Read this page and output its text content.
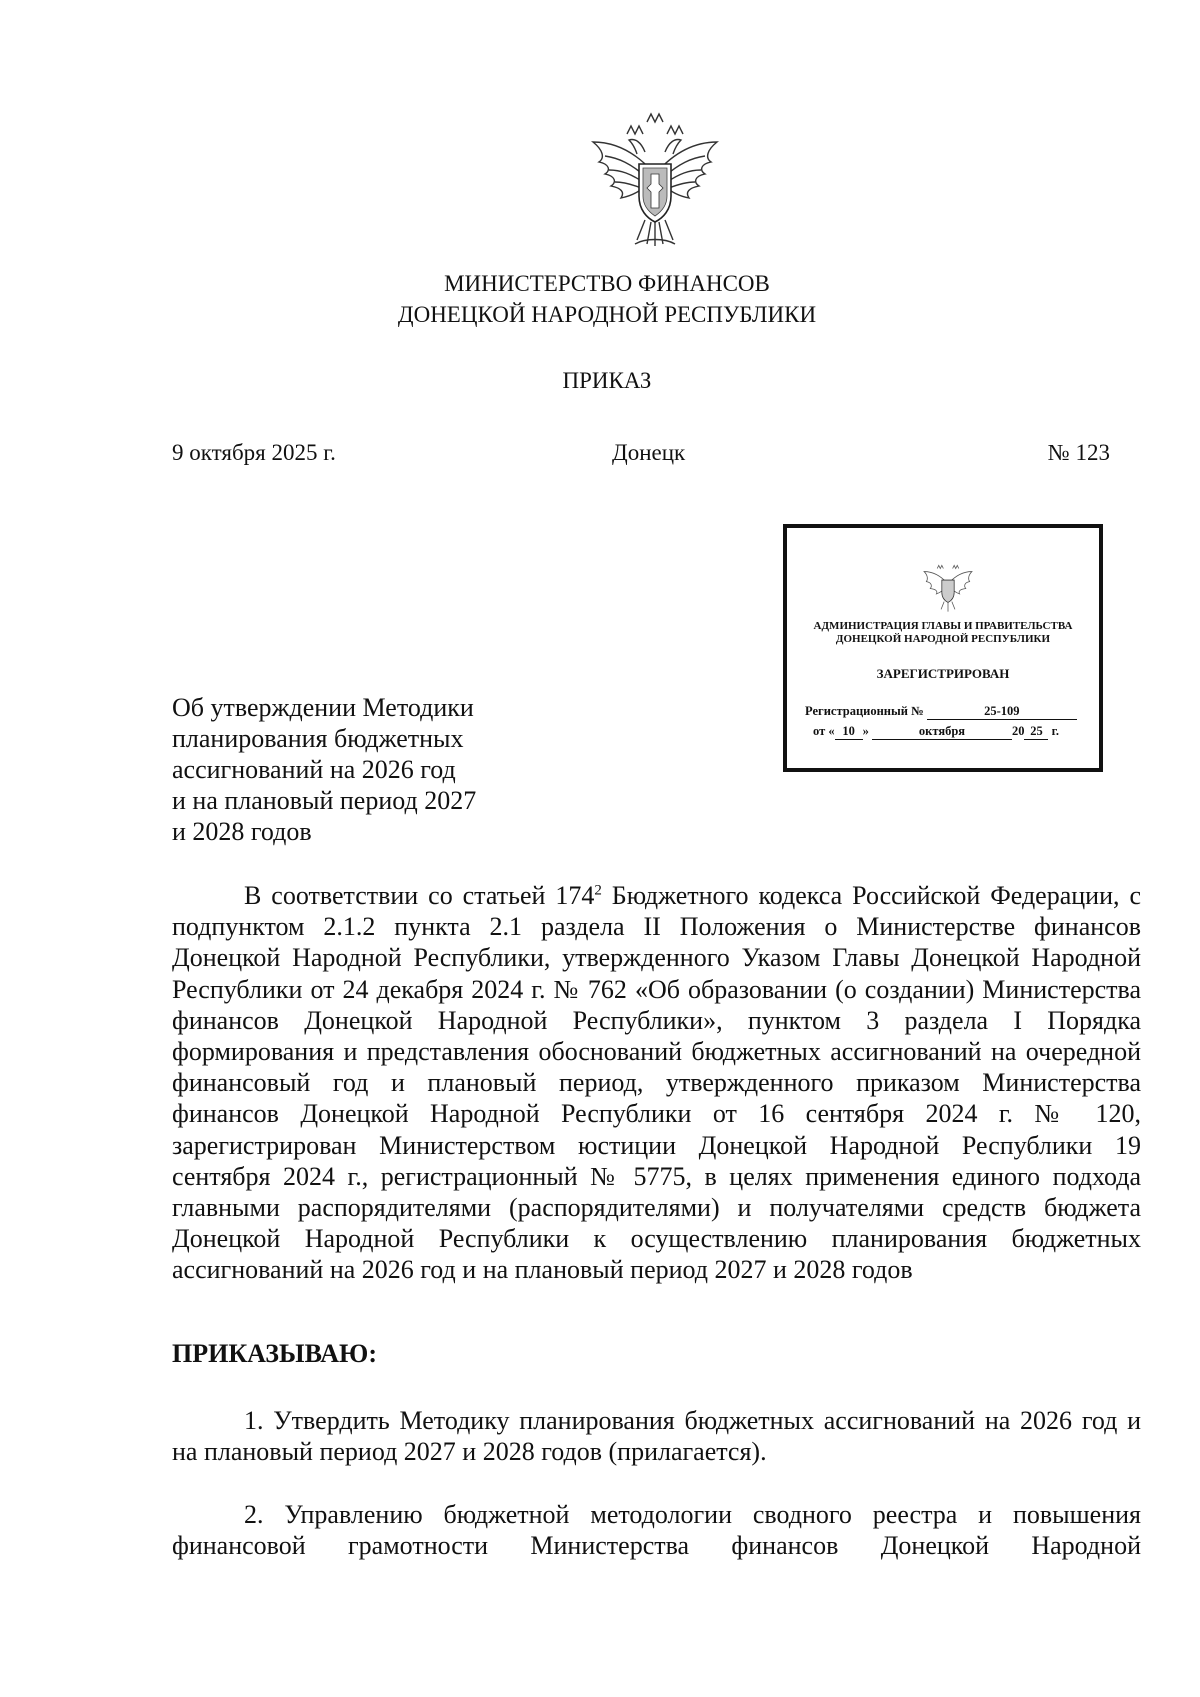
МИНИСТЕРСТВО ФИНАНСОВ
ДОНЕЦКОЙ НАРОДНОЙ РЕСПУБЛИКИ
ПРИКАЗ
9 октября 2025 г.	Донецк	№ 123
АДМИНИСТРАЦИЯ ГЛАВЫ И ПРАВИТЕЛЬСТВА
ДОНЕЦКОЙ НАРОДНОЙ РЕСПУБЛИКИ
ЗАРЕГИСТРИРОВАН
Регистрационный №	25-109
от « 10 »	октября	20 25 г.
Об утверждении Методики
планирования бюджетных
ассигнований на 2026 год
и на плановый период 2027
и 2028 годов
В соответствии со статьей $174^2$ Бюджетного кодекса Российской Федерации, с подпунктом 2.1.2 пункта 2.1 раздела II Положения о Министерстве финансов Донецкой Народной Республики, утвержденного Указом Главы Донецкой Народной Республики от 24 декабря 2024 г. № 762 «Об образовании (о создании) Министерства финансов Донецкой Народной Республики», пунктом 3 раздела I Порядка формирования и представления обоснований бюджетных ассигнований на очередной финансовый год и плановый период, утвержденного приказом Министерства финансов Донецкой Народной Республики от 16 сентября 2024 г. № 120, зарегистрирован Министерством юстиции Донецкой Народной Республики 19 сентября 2024 г., регистрационный № 5775, в целях применения единого подхода главными распорядителями (распорядителями) и получателями средств бюджета Донецкой Народной Республики к осуществлению планирования бюджетных ассигнований на 2026 год и на плановый период 2027 и 2028 годов
ПРИКАЗЫВАЮ:
1. Утвердить Методику планирования бюджетных ассигнований на 2026 год и на плановый период 2027 и 2028 годов (прилагается).
2. Управлению бюджетной методологии сводного реестра и повышения финансовой грамотности Министерства финансов Донецкой Народной
